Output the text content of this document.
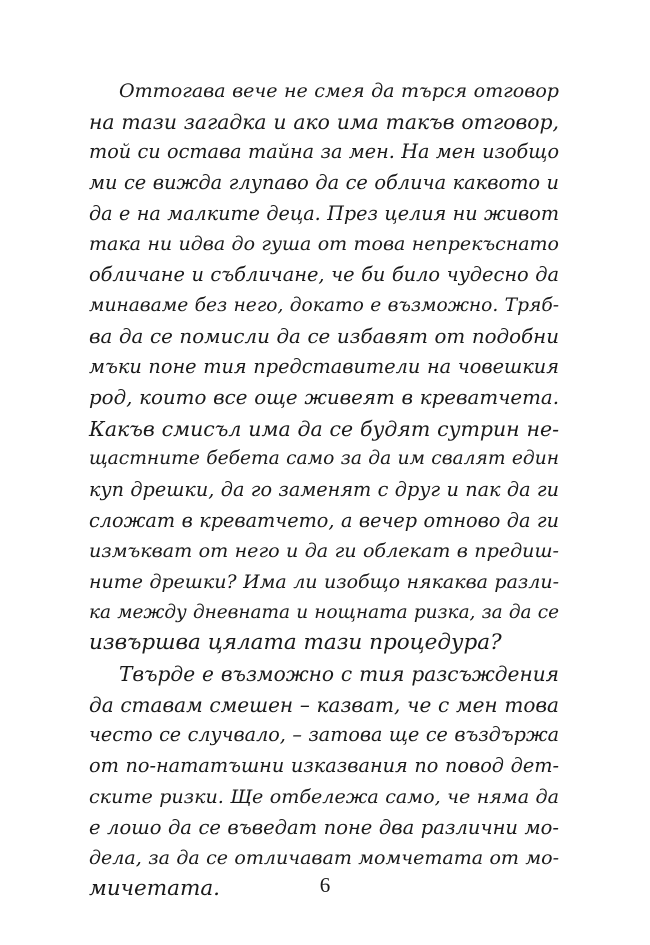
Оттогава вече не смея да търся отговор
на тази загадка и ако има такъв отговор,
той си остава тайна за мен. На мен изобщо
ми се вижда глупаво да се облича каквото и
да е на малките деца. През целия ни живот
така ни идва до гуша от това непрекъснато
обличане и събличане, че би било чудесно да
минаваме без него, докато е възможно. Тряб-
ва да се помисли да се избавят от подобни
мъки поне тия представители на човешкия
род, които все още живеят в креватчета.
Какъв смисъл има да се будят сутрин не-
щастните бебета само за да им свалят един
куп дрешки, да го заменят с друг и пак да ги
сложат в креватчето, а вечер отново да ги
измъкват от него и да ги облекат в предиш-
ните дрешки? Има ли изобщо някаква разли-
ка между дневната и нощната ризка, за да се
извършва цялата тази процедура?
Твърде е възможно с тия разсъждения
да ставам смешен – казват, че с мен това
често се случвало, – затова ще се въздържа
от по-нататъшни изказвания по повод дет-
ските ризки. Ще отбележа само, че няма да
е лошо да се въведат поне два различни мо-
дела, за да се отличават момчетата от мо-
мичетата.	6
